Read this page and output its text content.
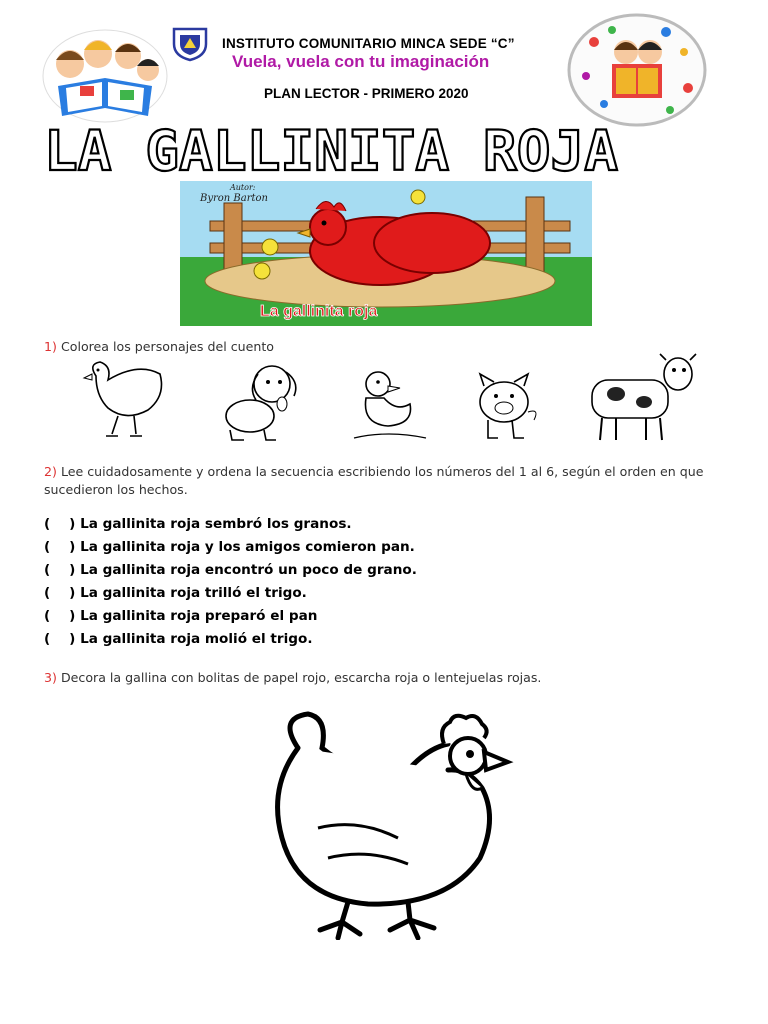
INSTITUTO COMUNITARIO MINCA SEDE “C”
Vuela, vuela con tu imaginación
PLAN LECTOR - PRIMERO 2020
LA GALLINITA ROJA
Autor:
Byron Barton
La gallinita roja
1) Colorea los personajes del cuento
2) Lee cuidadosamente y ordena la secuencia escribiendo los números del 1 al 6, según el orden en que sucedieron los hechos.
(    ) La gallinita roja sembró los granos.
(    ) La gallinita roja y los amigos comieron pan.
(    ) La gallinita roja encontró un poco de grano.
(    ) La gallinita roja trilló el trigo.
(    ) La gallinita roja preparó el pan
(    ) La gallinita roja molió el trigo.
3) Decora la gallina con bolitas de papel rojo, escarcha roja o lentejuelas rojas.
